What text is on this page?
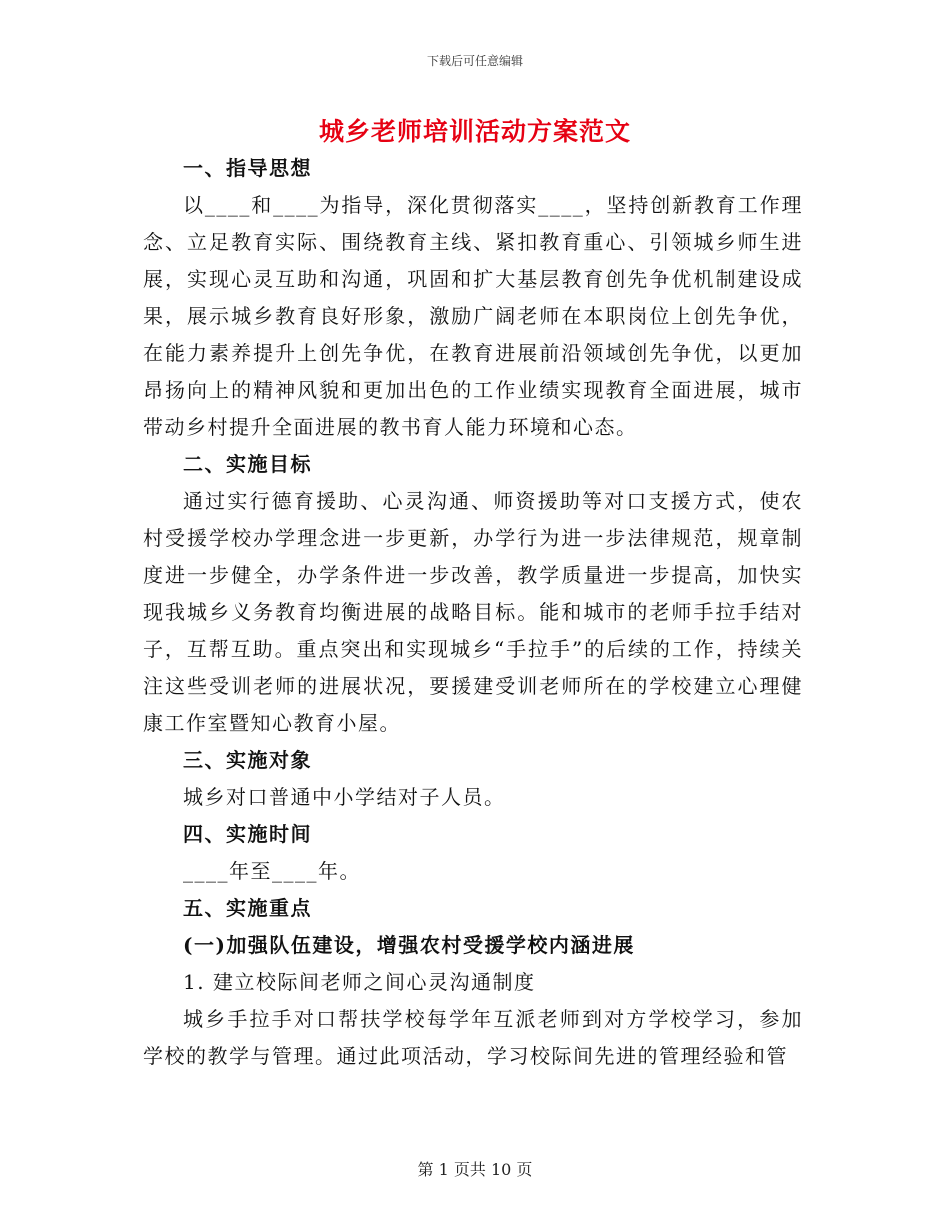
下载后可任意编辑
城乡老师培训活动方案范文

一、指导思想

以____和____为指导，深化贯彻落实____，坚持创新教育工作理念、立足教育实际、围绕教育主线、紧扣教育重心、引领城乡师生进展，实现心灵互助和沟通，巩固和扩大基层教育创先争优机制建设成果，展示城乡教育良好形象，激励广阔老师在本职岗位上创先争优，在能力素养提升上创先争优，在教育进展前沿领域创先争优，以更加昂扬向上的精神风貌和更加出色的工作业绩实现教育全面进展，城市带动乡村提升全面进展的教书育人能力环境和心态。

二、实施目标

通过实行德育援助、心灵沟通、师资援助等对口支援方式，使农村受援学校办学理念进一步更新，办学行为进一步法律规范，规章制度进一步健全，办学条件进一步改善，教学质量进一步提高，加快实现我城乡义务教育均衡进展的战略目标。能和城市的老师手拉手结对子，互帮互助。重点突出和实现城乡“手拉手”的后续的工作，持续关注这些受训老师的进展状况，要援建受训老师所在的学校建立心理健康工作室暨知心教育小屋。

三、实施对象

城乡对口普通中小学结对子人员。

四、实施时间

____年至____年。

五、实施重点

(一)加强队伍建设，增强农村受援学校内涵进展

1. 建立校际间老师之间心灵沟通制度

城乡手拉手对口帮扶学校每学年互派老师到对方学校学习，参加学校的教学与管理。通过此项活动，学习校际间先进的管理经验和管

第 1 页共 10 页
